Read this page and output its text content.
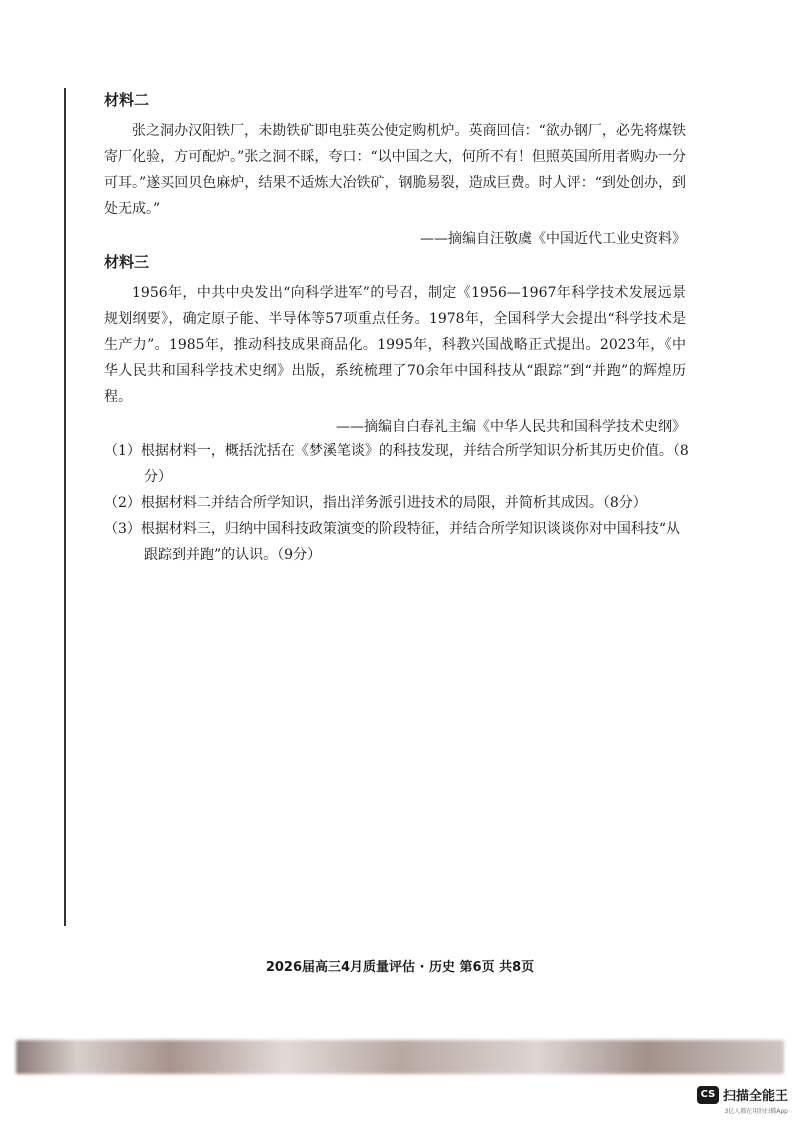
材料二

张之洞办汉阳铁厂，未勘铁矿即电驻英公使定购机炉。英商回信：“欲办钢厂，必先将煤铁寄厂化验，方可配炉。”张之洞不睬，夸口：“以中国之大，何所不有！但照英国所用者购办一分可耳。”遂买回贝色麻炉，结果不适炼大冶铁矿，钢脆易裂，造成巨费。时人评：“到处创办，到处无成。”

——摘编自汪敬虞《中国近代工业史资料》
材料三

1956年，中共中央发出“向科学进军”的号召，制定《1956—1967年科学技术发展远景规划纲要》，确定原子能、半导体等57项重点任务。1978年，全国科学大会提出“科学技术是生产力”。1985年，推动科技成果商品化。1995年，科教兴国战略正式提出。2023年，《中华人民共和国科学技术史纲》出版，系统梳理了70余年中国科技从“跟踪”到“并跑”的辉煌历程。

——摘编自白春礼主编《中华人民共和国科学技术史纲》
（1）根据材料一，概括沈括在《梦溪笔谈》的科技发现，并结合所学知识分析其历史价值。（8分）
（2）根据材料二并结合所学知识，指出洋务派引进技术的局限，并简析其成因。（8分）
（3）根据材料三，归纳中国科技政策演变的阶段特征，并结合所学知识谈谈你对中国科技“从跟踪到并跑”的认识。（9分）
2026届高三4月质量评估 · 历史 第6页 共8页
CS 扫描全能王
3亿人都在用的扫描App
